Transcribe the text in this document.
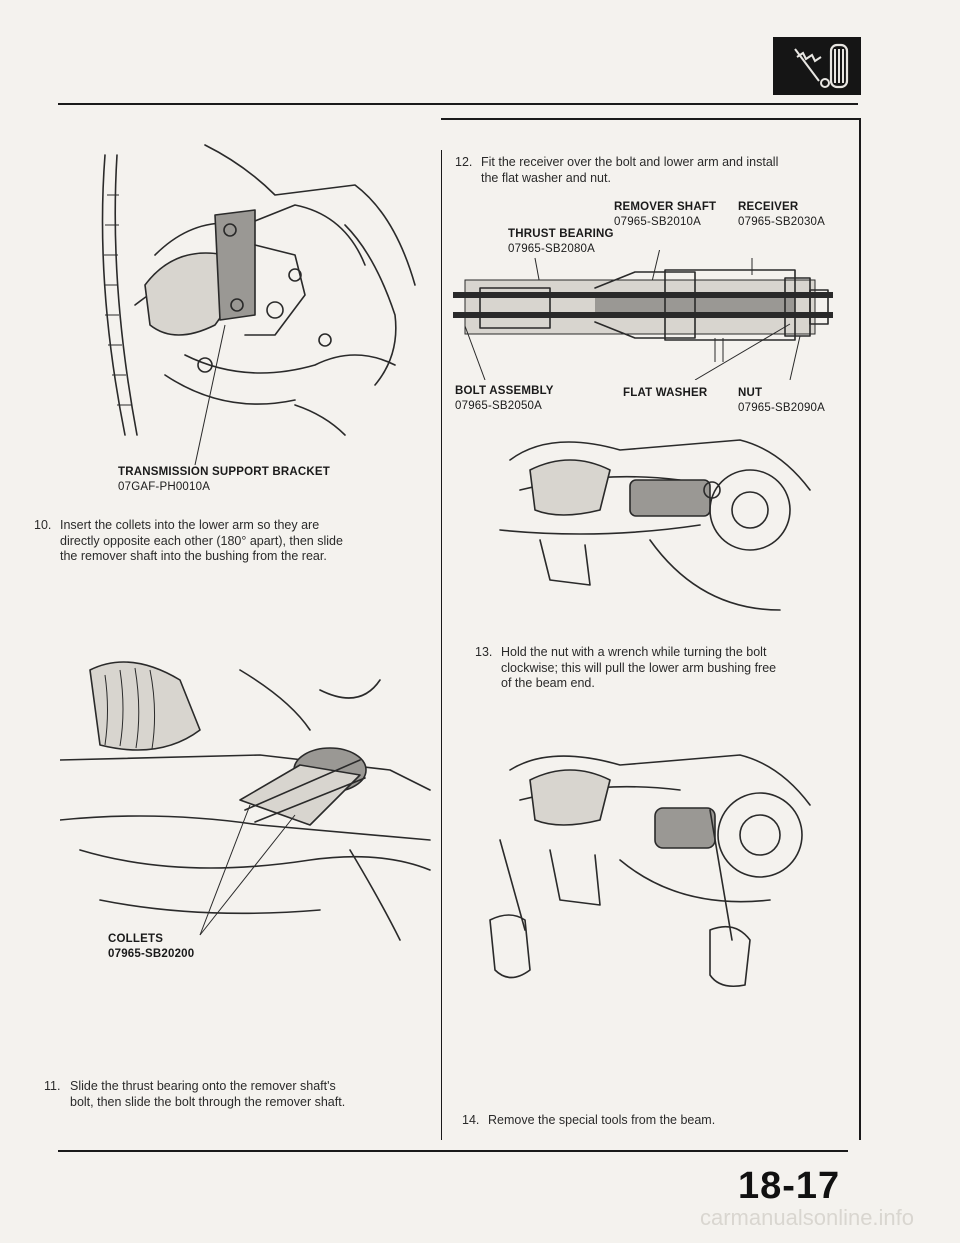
TRANSMISSION SUPPORT BRACKET
07GAF-PH0010A
10. Insert the collets into the lower arm so they are
directly opposite each other (180° apart), then slide
the remover shaft into the bushing from the rear.
COLLETS
07965-SB20200
11. Slide the thrust bearing onto the remover shaft's
bolt, then slide the bolt through the remover shaft.
12. Fit the receiver over the bolt and lower arm and install
the flat washer and nut.
REMOVER SHAFT
07965-SB2010A
RECEIVER
07965-SB2030A
THRUST BEARING
07965-SB2080A
BOLT ASSEMBLY
07965-SB2050A
FLAT WASHER	NUT
07965-SB2090A
13. Hold the nut with a wrench while turning the bolt
clockwise; this will pull the lower arm bushing free
of the beam end.
14. Remove the special tools from the beam.
18-17
carmanualsonline.info
